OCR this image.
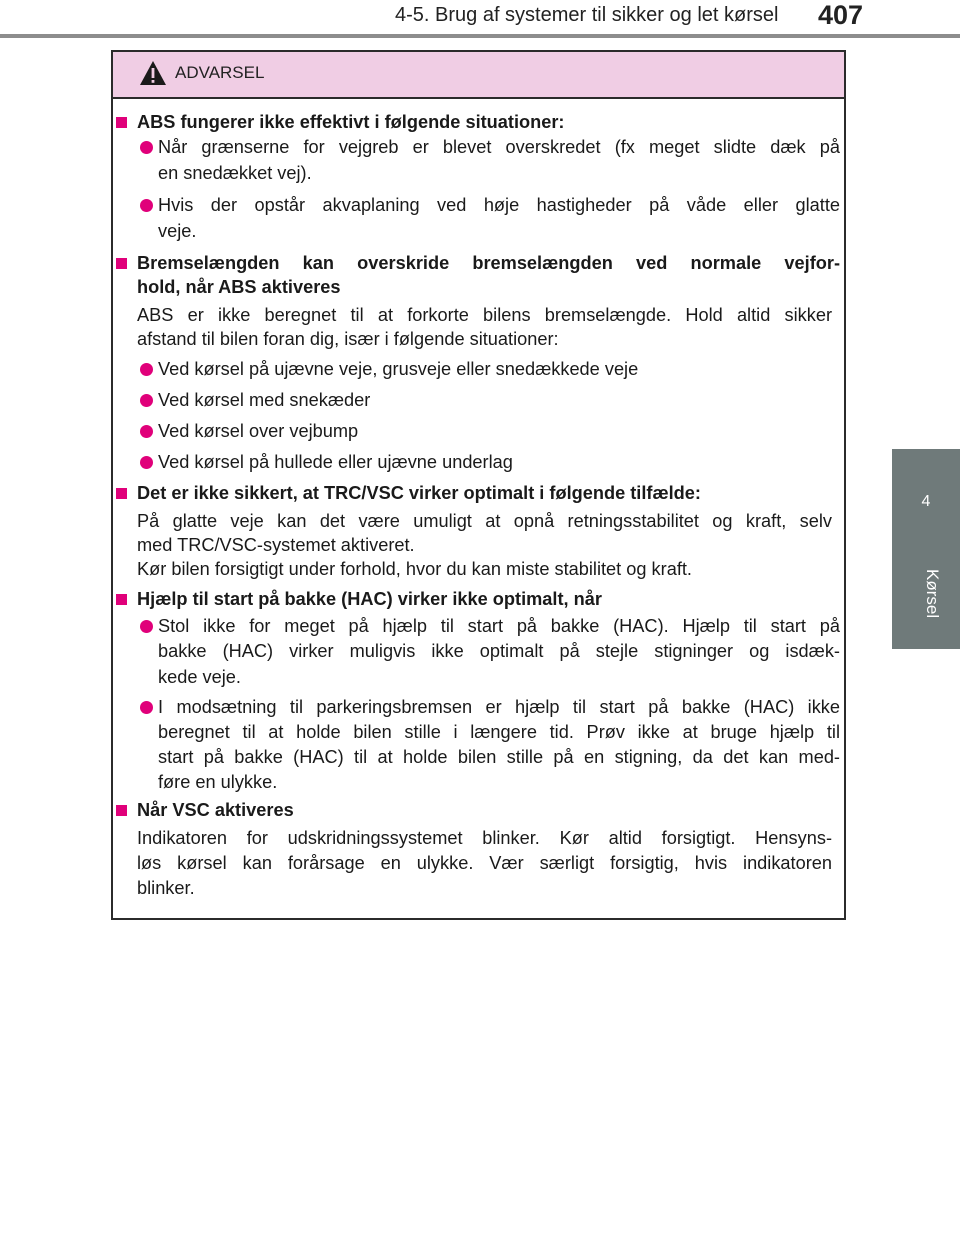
4-5. Brug af systemer til sikker og let kørsel 407
4
Kørsel
ADVARSEL
ABS fungerer ikke effektivt i følgende situationer:
Når grænserne for vejgreb er blevet overskredet (fx meget slidte dæk på
en snedækket vej).
Hvis der opstår akvaplaning ved høje hastigheder på våde eller glatte
veje.
Bremselængden kan overskride bremselængden ved normale vejfor-
hold, når ABS aktiveres
ABS er ikke beregnet til at forkorte bilens bremselængde. Hold altid sikker
afstand til bilen foran dig, især i følgende situationer:
Ved kørsel på ujævne veje, grusveje eller snedækkede veje
Ved kørsel med snekæder
Ved kørsel over vejbump
Ved kørsel på hullede eller ujævne underlag
Det er ikke sikkert, at TRC/VSC virker optimalt i følgende tilfælde:
På glatte veje kan det være umuligt at opnå retningsstabilitet og kraft, selv
med TRC/VSC-systemet aktiveret.
Kør bilen forsigtigt under forhold, hvor du kan miste stabilitet og kraft.
Hjælp til start på bakke (HAC) virker ikke optimalt, når
Stol ikke for meget på hjælp til start på bakke (HAC). Hjælp til start på
bakke (HAC) virker muligvis ikke optimalt på stejle stigninger og isdæk-
kede veje.
I modsætning til parkeringsbremsen er hjælp til start på bakke (HAC) ikke
beregnet til at holde bilen stille i længere tid. Prøv ikke at bruge hjælp til
start på bakke (HAC) til at holde bilen stille på en stigning, da det kan med-
føre en ulykke.
Når VSC aktiveres
Indikatoren for udskridningssystemet blinker. Kør altid forsigtigt. Hensyns-
løs kørsel kan forårsage en ulykke. Vær særligt forsigtig, hvis indikatoren
blinker.
